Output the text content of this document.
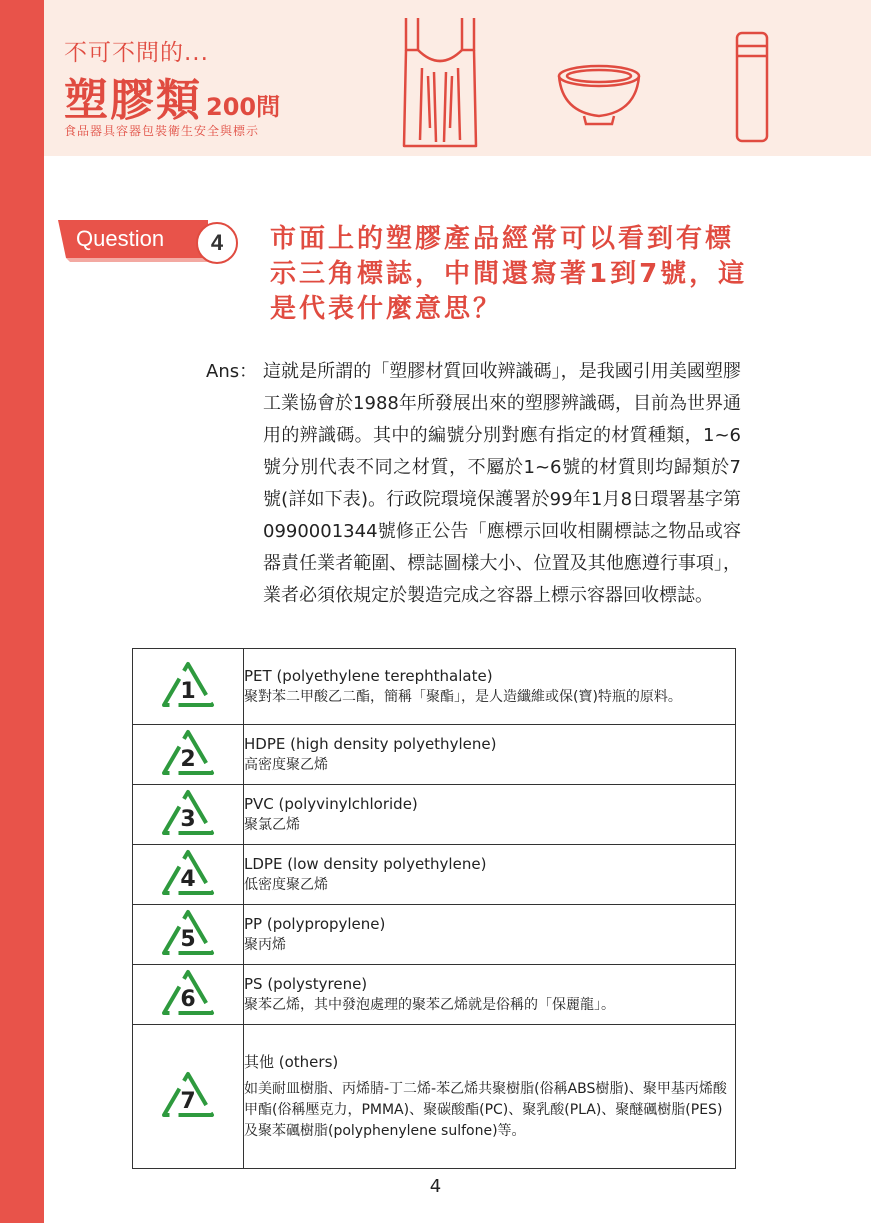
不可不問的...
塑膠類 200問
食品器具容器包裝衛生安全與標示
Question	4	市面上的塑膠產品經常可以看到有標示三角標誌，中間還寫著1到7號，這是代表什麼意思？
Ans： 這就是所謂的「塑膠材質回收辨識碼」，是我國引用美國塑膠工業協會於1988年所發展出來的塑膠辨識碼，目前為世界通用的辨識碼。其中的編號分別對應有指定的材質種類，1~6號分別代表不同之材質，不屬於1~6號的材質則均歸類於7號(詳如下表)。行政院環境保護署於99年1月8日環署基字第0990001344號修正公告「應標示回收相關標誌之物品或容器責任業者範圍、標誌圖樣大小、位置及其他應遵行事項」，業者必須依規定於製造完成之容器上標示容器回收標誌。

1	PET (polyethylene terephthalate)
聚對苯二甲酸乙二酯，簡稱「聚酯」，是人造纖維或保(寶)特瓶的原料。

2	HDPE (high density polyethylene)
高密度聚乙烯

3	PVC (polyvinylchloride)
聚氯乙烯

4	LDPE (low density polyethylene)
低密度聚乙烯

5	PP (polypropylene)
聚丙烯

6	PS (polystyrene)
聚苯乙烯，其中發泡處理的聚苯乙烯就是俗稱的「保麗龍」。

7	其他 (others)
如美耐皿樹脂、丙烯腈-丁二烯-苯乙烯共聚樹脂(俗稱ABS樹脂)、聚甲基丙烯酸甲酯(俗稱壓克力，PMMA)、聚碳酸酯(PC)、聚乳酸(PLA)、聚醚碸樹脂(PES)及聚苯碸樹脂(polyphenylene sulfone)等。
4
